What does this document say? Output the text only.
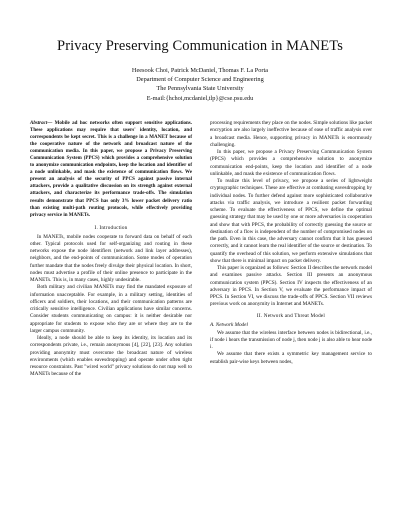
Privacy Preserving Communication in MANETs
Heesook Choi, Patrick McDaniel, Thomas F. La Porta
Department of Computer Science and Engineering
The Pennsylvania State University
E-mail:{hchoi,mcdaniel,tlp}@cse.psu.edu

Abstract— Mobile ad hoc networks often support sensitive applications. These applications may require that users' identity, location, and correspondents be kept secret. This is a challenge in a MANET because of the cooperative nature of the network and broadcast nature of the communication media. In this paper, we propose a Privacy Preserving Communication System (PPCS) which provides a comprehensive solution to anonymize communication endpoints, keep the location and identifier of a node unlinkable, and mask the existence of communication flows. We present an analysis of the security of PPCS against passive internal attackers, provide a qualitative discussion on its strength against external attackers, and characterize its performance trade-offs. The simulation results demonstrate that PPCS has only 3% lower packet delivery ratio than existing multi-path routing protocols, while effectively providing privacy service in MANETs.

I. Introduction

In MANETs, mobile nodes cooperate to forward data on behalf of each other. Typical protocols used for self-organizing and routing in these networks expose the node identifiers (network and link layer addresses), neighbors, and the end-points of communication. Some modes of operation further mandate that the nodes freely divulge their physical location. In short, nodes must advertise a profile of their online presence to participate in the MANETs. This is, in many cases, highly undesirable.

Both military and civilian MANETs may find the mandated exposure of information unacceptable. For example, in a military setting, identities of officers and soldiers, their locations, and their communication patterns are critically sensitive intelligence. Civilian applications have similar concerns. Consider students communicating on campus: it is neither desirable nor appropriate for students to expose who they are or where they are to the larger campus community.

Ideally, a node should be able to keep its identity, its location and its correspondents private, i.e., remain anonymous [4], [22], [23]. Any solution providing anonymity must overcome the broadcast nature of wireless environments (which enables eavesdropping) and operate under often tight resource constraints. Past "wired world" privacy solutions do not map well to MANETs because of the

processing requirements they place on the nodes. Simple solutions like packet encryption are also largely ineffective because of ease of traffic analysis over a broadcast media. Hence, supporting privacy in MANETs is enormously challenging.

In this paper, we propose a Privacy Preserving Communication System (PPCS) which provides a comprehensive solution to anonymize communication end-points, keep the location and identifier of a node unlinkable, and mask the existence of communication flows.

To realize this level of privacy, we propose a series of lightweight cryptographic techniques. These are effective at combating eavesdropping by individual nodes. To further defend against more sophisticated collaborative attacks via traffic analysis, we introduce a resilient packet forwarding scheme. To evaluate the effectiveness of PPCS, we define the optimal guessing strategy that may be used by one or more adversaries in cooperation and show that with PPCS, the probability of correctly guessing the source or destination of a flow is independent of the number of compromised nodes on the path. Even in this case, the adversary cannot confirm that it has guessed correctly, and it cannot learn the real identifier of the source or destination. To quantify the overhead of this solution, we perform extensive simulations that show that there is minimal impact on packet delivery.

This paper is organized as follows: Section II describes the network model and examines passive attacks. Section III presents an anonymous communication system (PPCS). Section IV inspects the effectiveness of an adversary in PPCS. In Section V, we evaluate the performance impact of PPCS. In Section VI, we discuss the trade-offs of PPCS. Section VII reviews previous work on anonymity in Internet and MANETs.

II. Network and Threat Model
A. Network Model

We assume that the wireless interface between nodes is bidirectional, i.e., if node i hears the transmission of node j, then node j is also able to hear node i.

We assume that there exists a symmetric key management service to establish pair-wise keys between nodes,
